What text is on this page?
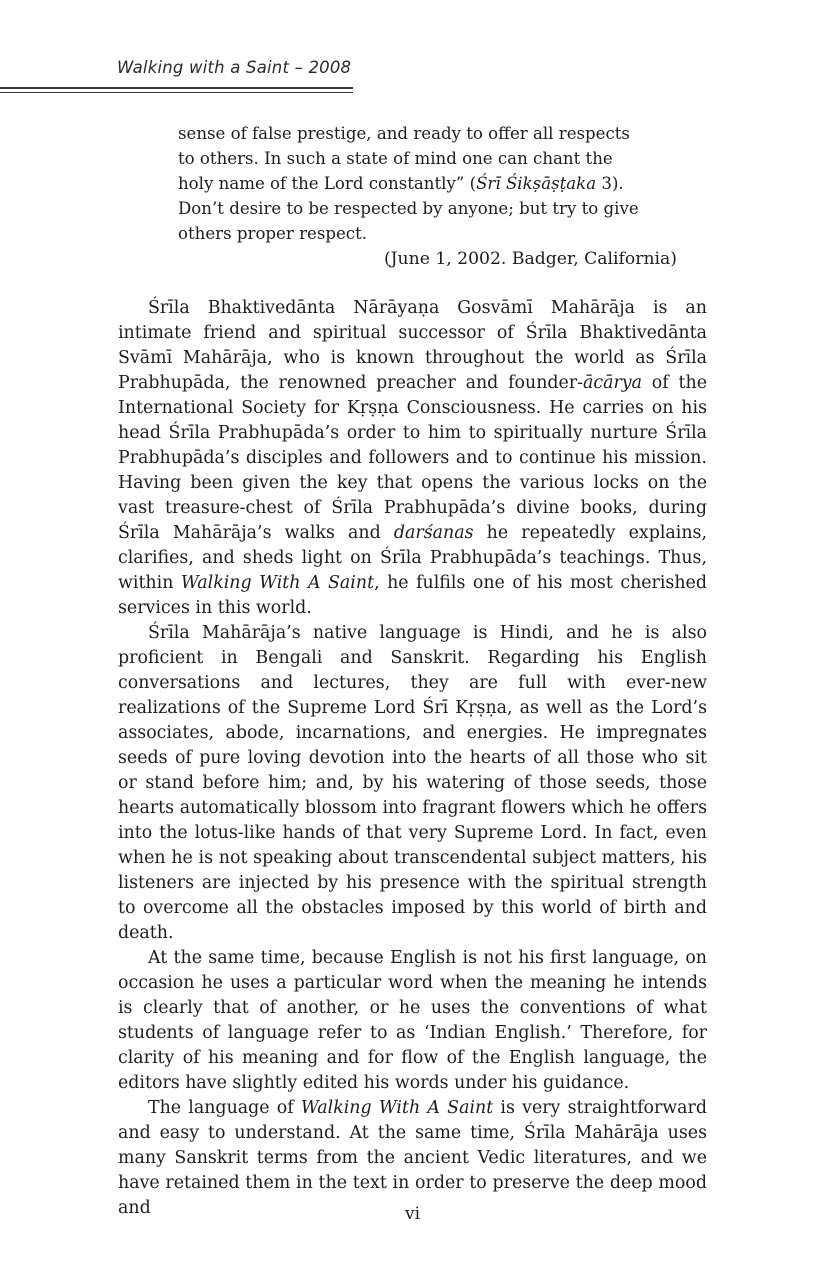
Walking with a Saint – 2008

sense of false prestige, and ready to offer all respects to others. In such a state of mind one can chant the holy name of the Lord constantly” (Śrī Śikṣāṣṭaka 3). Don’t desire to be respected by anyone; but try to give others proper respect.

(June 1, 2002. Badger, California)

Śrīla Bhaktivedānta Nārāyaṇa Gosvāmī Mahārāja is an intimate friend and spiritual successor of Śrīla Bhaktivedānta Svāmī Mahārāja, who is known throughout the world as Śrīla Prabhupāda, the renowned preacher and founder-ācārya of the International Society for Kṛṣṇa Consciousness. He carries on his head Śrīla Prabhupāda’s order to him to spiritually nurture Śrīla Prabhupāda’s disciples and followers and to continue his mission. Having been given the key that opens the various locks on the vast treasure-chest of Śrīla Prabhupāda’s divine books, during Śrīla Mahārāja’s walks and darśanas he repeatedly explains, clarifies, and sheds light on Śrīla Prabhupāda’s teachings. Thus, within Walking With A Saint, he fulfils one of his most cherished services in this world.

Śrīla Mahārāja’s native language is Hindi, and he is also proficient in Bengali and Sanskrit. Regarding his English conversations and lectures, they are full with ever-new realizations of the Supreme Lord Śrī Kṛṣṇa, as well as the Lord’s associates, abode, incarnations, and energies. He impregnates seeds of pure loving devotion into the hearts of all those who sit or stand before him; and, by his watering of those seeds, those hearts automatically blossom into fragrant flowers which he offers into the lotus-like hands of that very Supreme Lord. In fact, even when he is not speaking about transcendental subject matters, his listeners are injected by his presence with the spiritual strength to overcome all the obstacles imposed by this world of birth and death.

At the same time, because English is not his first language, on occasion he uses a particular word when the meaning he intends is clearly that of another, or he uses the conventions of what students of language refer to as ‘Indian English.’ Therefore, for clarity of his meaning and for flow of the English language, the editors have slightly edited his words under his guidance.

The language of Walking With A Saint is very straightforward and easy to understand. At the same time, Śrīla Mahārāja uses many Sanskrit terms from the ancient Vedic literatures, and we have retained them in the text in order to preserve the deep mood and	vi
